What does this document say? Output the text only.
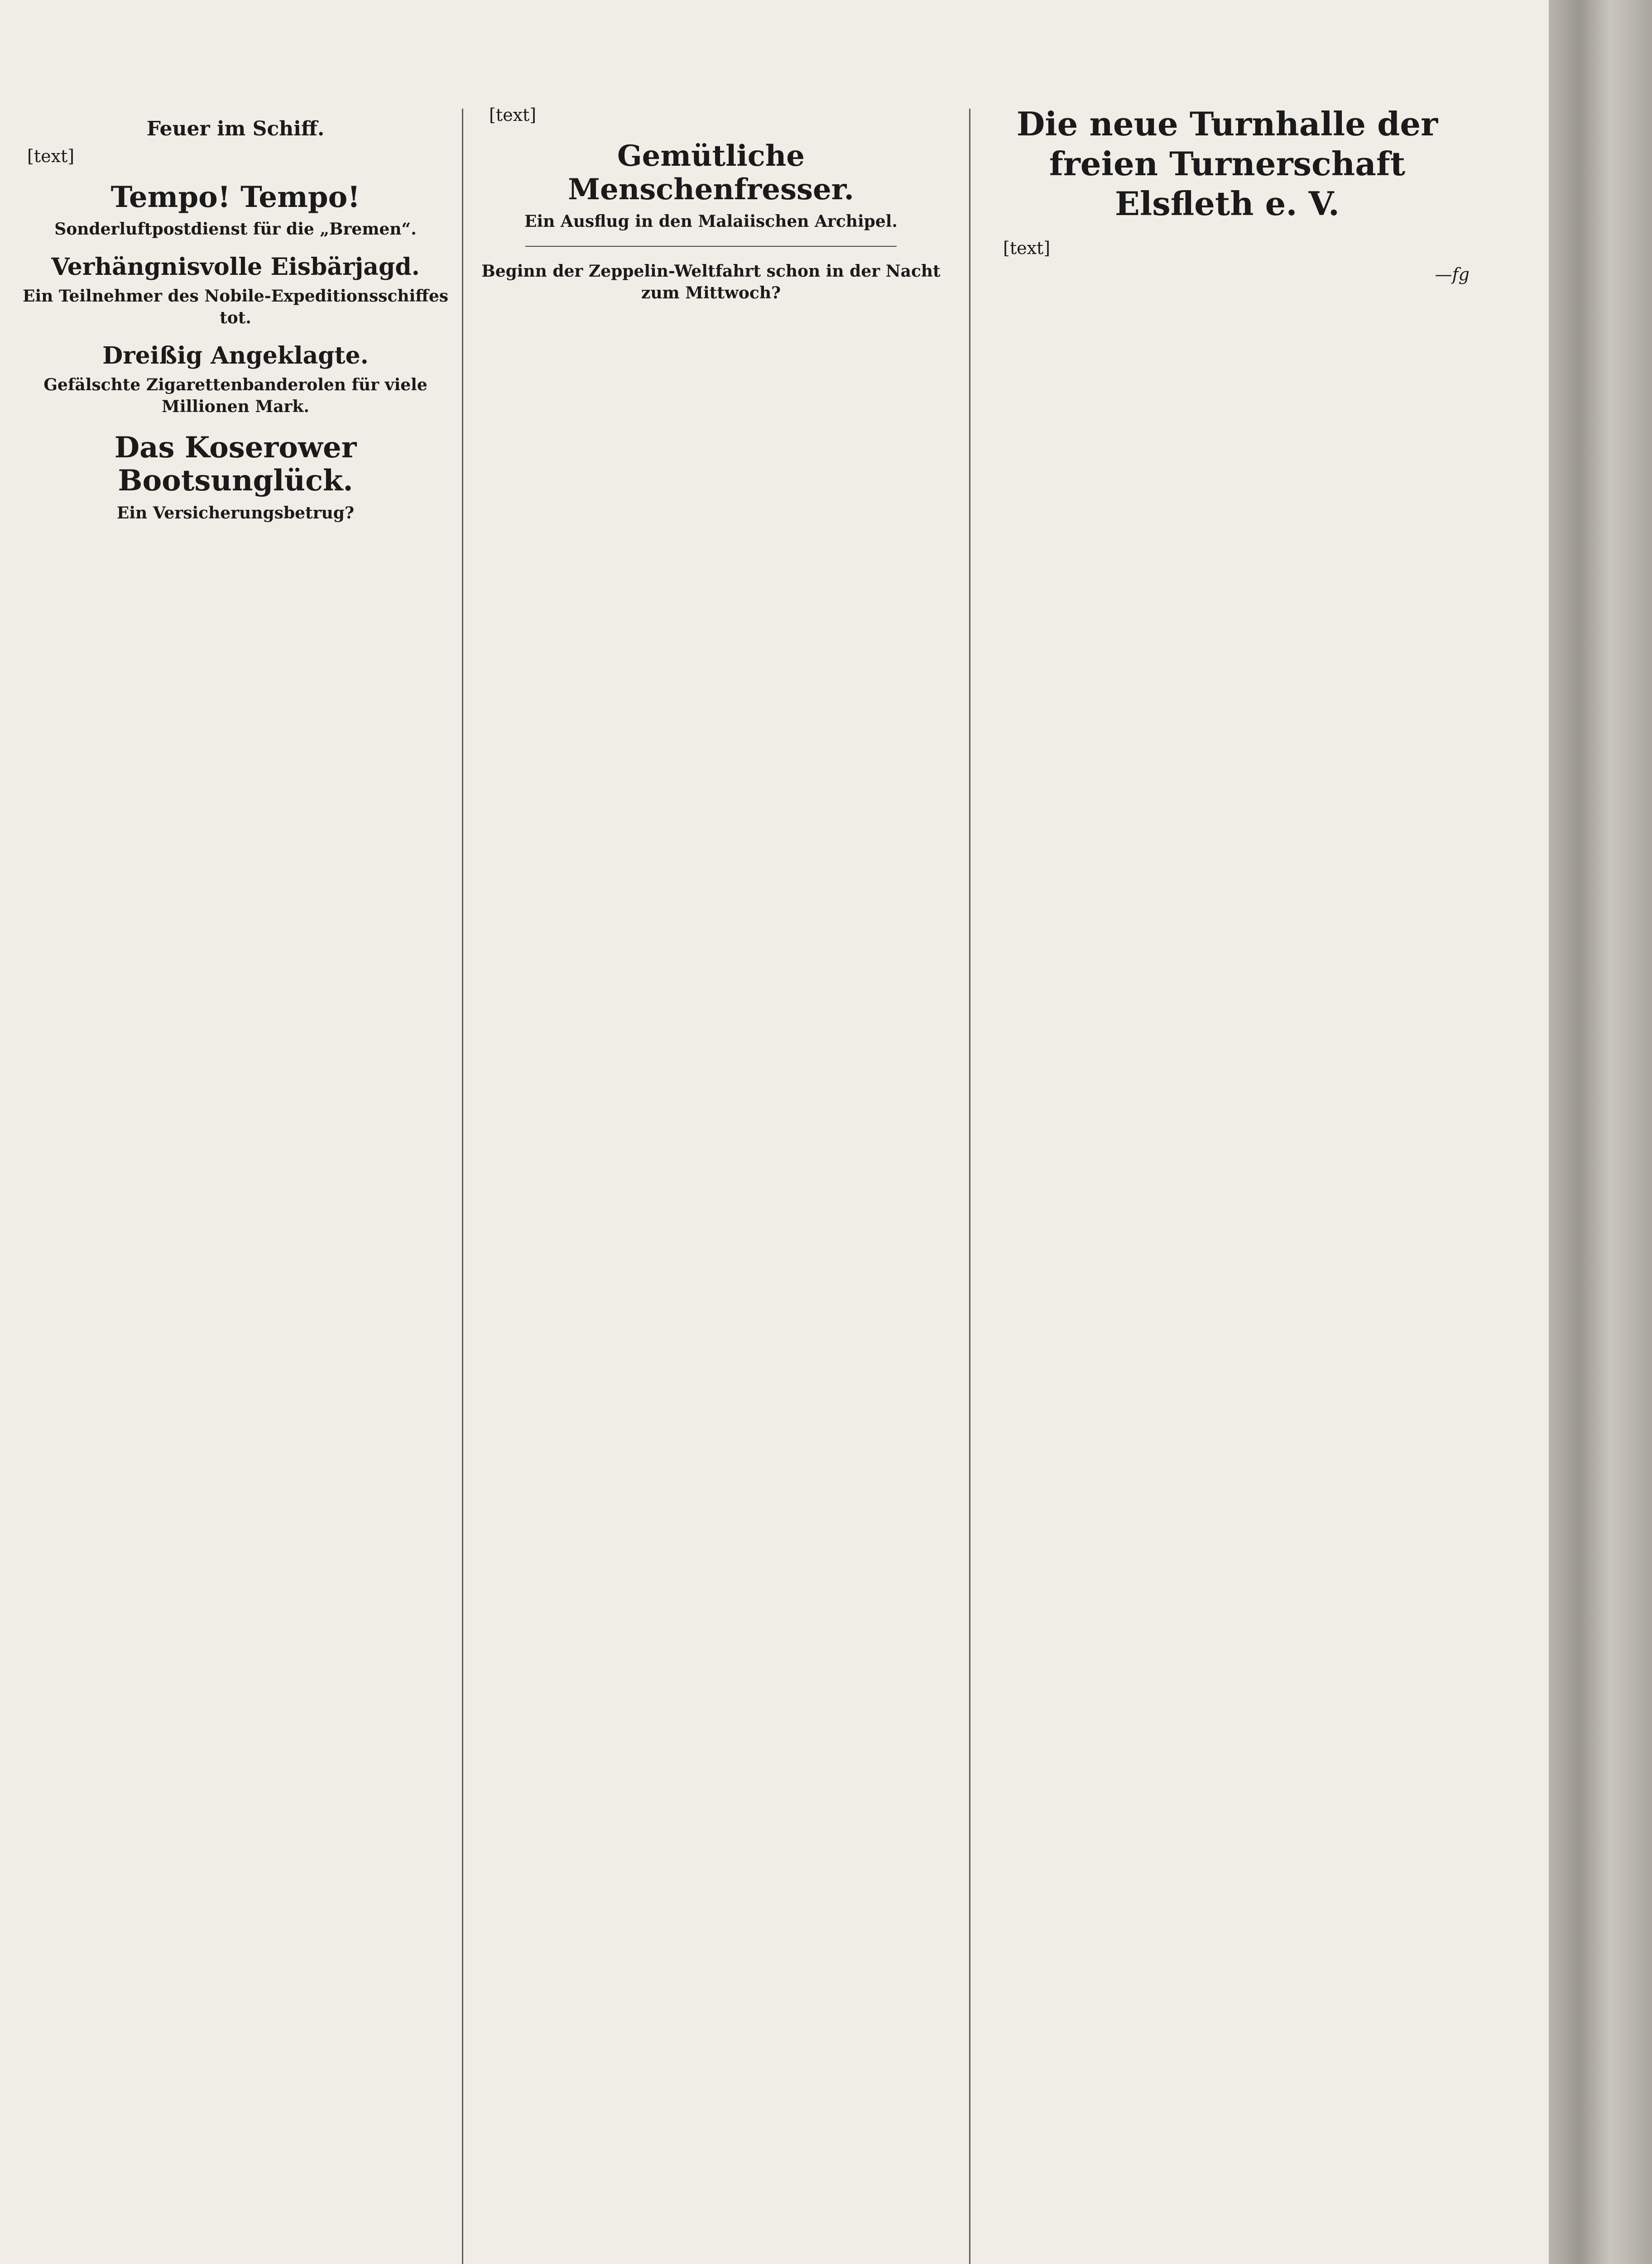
Feuer im Schiff.

[text]

Tempo! Tempo!
Sonderluftpostdienst für die „Bremen“.
Verhängnisvolle Eisbärjagd.
Ein Teilnehmer des Nobile-Expeditionsschiffes tot.
Dreißig Angeklagte.
Gefälschte Zigarettenbanderolen für viele Millionen Mark.
Das Koserower Bootsunglück.
Ein Versicherungsbetrug?

[text]

Gemütliche Menschenfresser.
Ein Ausflug in den Malaiischen Archipel.
Beginn der Zeppelin-Weltfahrt schon in der Nacht zum Mittwoch?
Die neue Turnhalle der freien Turnerschaft Elsfleth e. V.

[text]

—fg
